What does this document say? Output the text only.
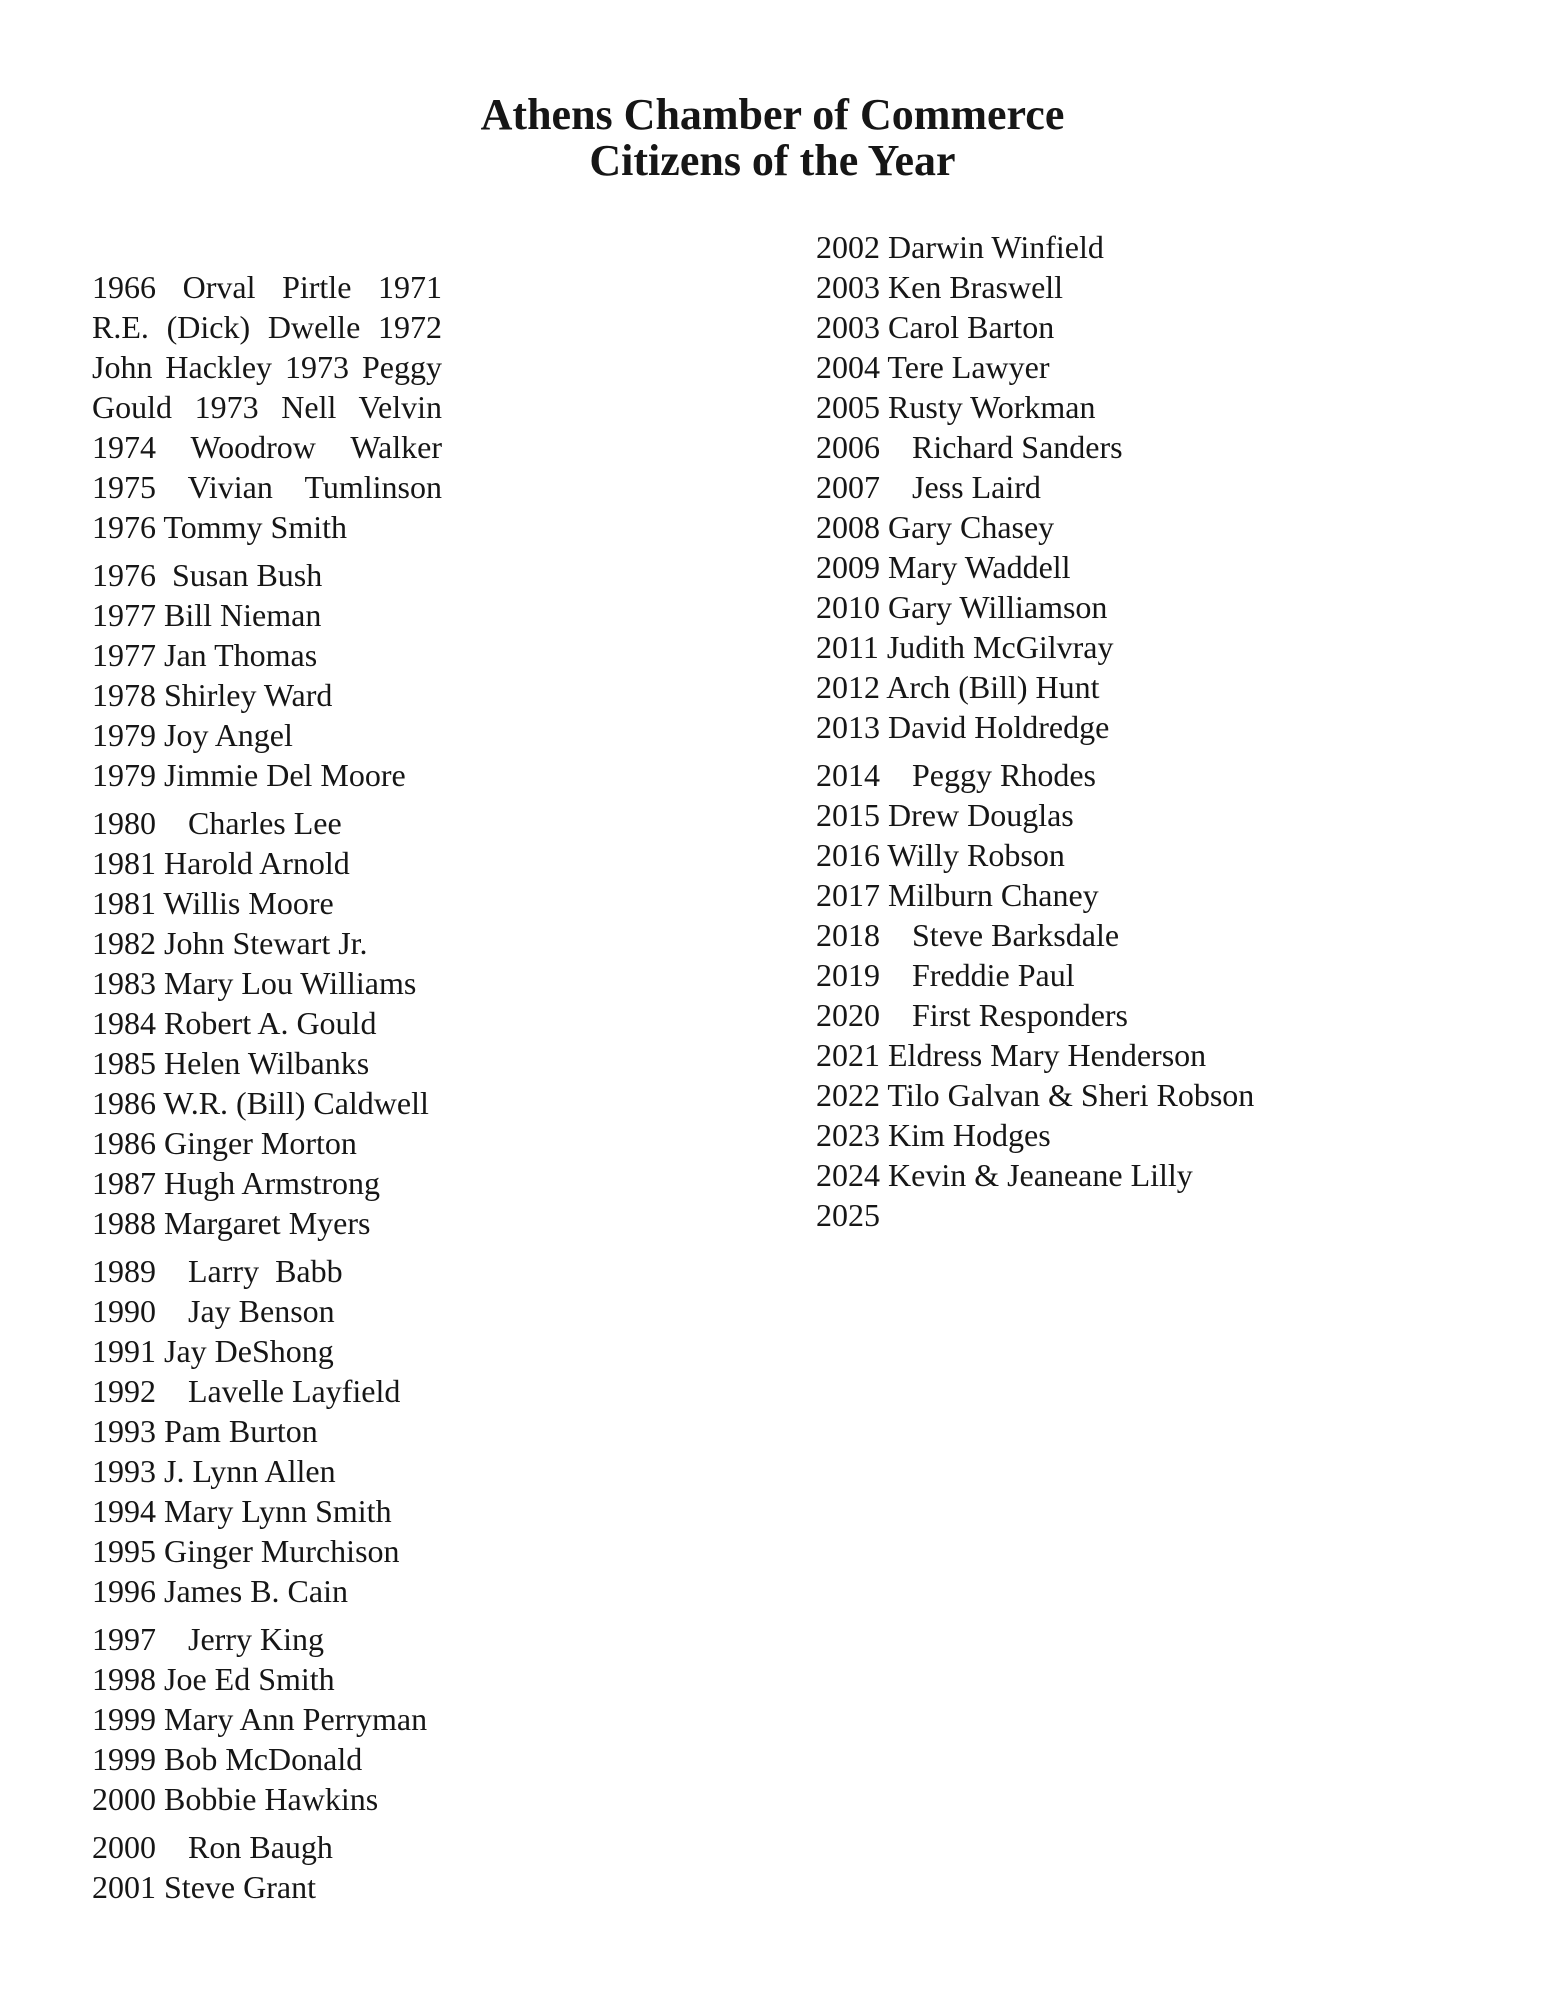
Athens Chamber of Commerce
Citizens of the Year
1966 Orval Pirtle 1971
R.E. (Dick) Dwelle 1972
John Hackley 1973 Peggy
Gould 1973 Nell Velvin
1974 Woodrow Walker
1975 Vivian Tumlinson
1976 Tommy Smith
1976  Susan Bush
1977 Bill Nieman
1977 Jan Thomas
1978 Shirley Ward
1979 Joy Angel
1979 Jimmie Del Moore
1980    Charles Lee
1981 Harold Arnold
1981 Willis Moore
1982 John Stewart Jr.
1983 Mary Lou Williams
1984 Robert A. Gould
1985 Helen Wilbanks
1986 W.R. (Bill) Caldwell
1986 Ginger Morton
1987 Hugh Armstrong
1988 Margaret Myers
1989    Larry  Babb
1990    Jay Benson
1991 Jay DeShong
1992    Lavelle Layfield
1993 Pam Burton
1993 J. Lynn Allen
1994 Mary Lynn Smith
1995 Ginger Murchison
1996 James B. Cain
1997    Jerry King
1998 Joe Ed Smith
1999 Mary Ann Perryman
1999 Bob McDonald
2000 Bobbie Hawkins
2000    Ron Baugh
2001 Steve Grant
2002 Darwin Winfield
2003 Ken Braswell
2003 Carol Barton
2004 Tere Lawyer
2005 Rusty Workman
2006    Richard Sanders
2007    Jess Laird
2008 Gary Chasey
2009 Mary Waddell
2010 Gary Williamson
2011 Judith McGilvray
2012 Arch (Bill) Hunt
2013 David Holdredge
2014    Peggy Rhodes
2015 Drew Douglas
2016 Willy Robson
2017 Milburn Chaney
2018    Steve Barksdale
2019    Freddie Paul
2020    First Responders
2021 Eldress Mary Henderson
2022 Tilo Galvan & Sheri Robson
2023 Kim Hodges
2024 Kevin & Jeaneane Lilly
2025
